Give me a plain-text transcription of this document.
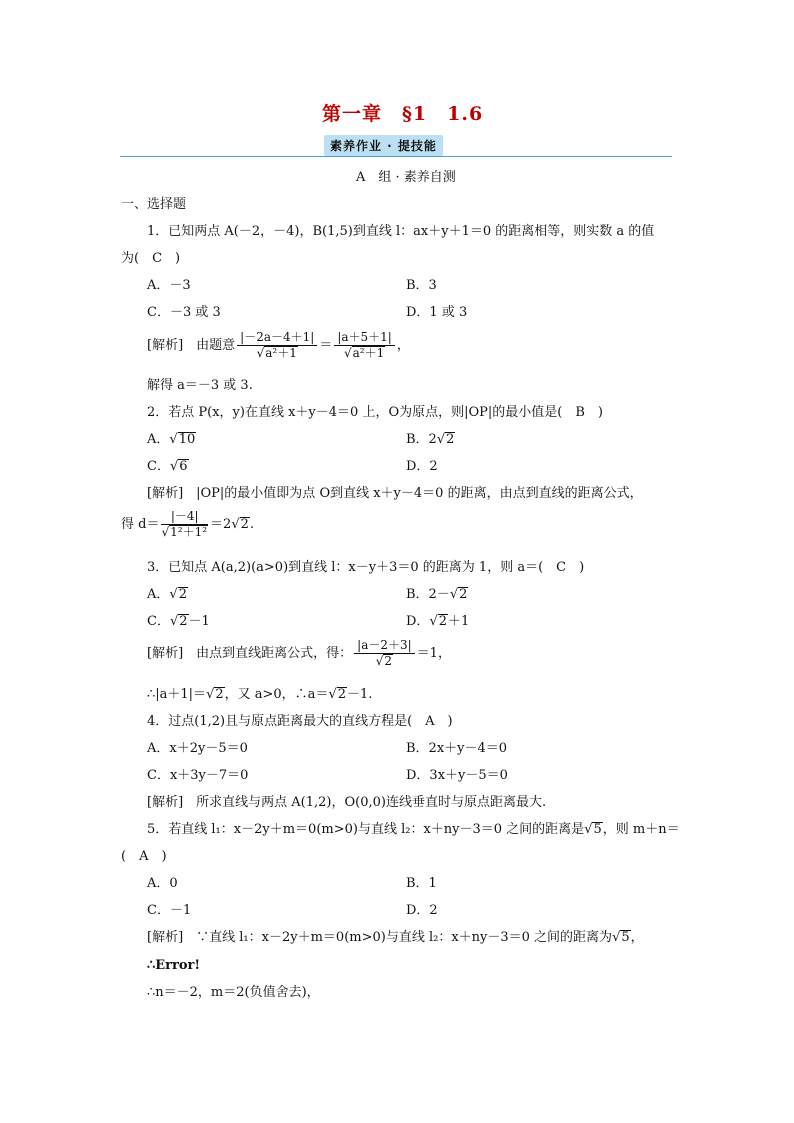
第一章　§1　1.6
素养作业 · 提技能
A　组 · 素养自测
一、选择题
1．已知两点 A(－2，－4)，B(1,5)到直线 l：ax＋y＋1＝0 的距离相等，则实数 a 的值
为(　C　)
A．－3	B．3
C．－3 或 3	D．1 或 3
[解析]　由题意 $\frac{|-2a-4+1|}{\text{√a²＋1}} = \frac{|a+5+1|}{\text{√a²＋1}}$ ，
解得 a＝－3 或 3.
2．若点 P(x，y)在直线 x＋y－4＝0 上，O为原点，则|OP|的最小值是(　B　)
A．√10	B．2√2
C．√6	D．2
[解析]　|OP|的最小值即为点 O到直线 x＋y－4＝0 的距离，由点到直线的距离公式，
得 $d= \frac{|-4|}{\text{√1²＋1²}} =2√2$.
3．已知点 A(a,2)(a>0)到直线 l：x－y＋3＝0 的距离为 1，则 a＝(　C　)
A．√2	B．2－√2
C．√2－1	D．√2＋1
[解析]　由点到直线距离公式，得： $\frac{|a-2+3|}{√2} =1$，
∴|a＋1|＝√2，又 a>0，∴a＝√2－1.
4．过点(1,2)且与原点距离最大的直线方程是(　A　)
A．x＋2y－5＝0	B．2x＋y－4＝0
C．x＋3y－7＝0	D．3x＋y－5＝0
[解析]　所求直线与两点 A(1,2)，O(0,0)连线垂直时与原点距离最大.
5．若直线 l₁：x－2y＋m＝0(m>0)与直线 l₂：x＋ny－3＝0 之间的距离是√5，则 m＋n＝
(　A　)
A．0	B．1
C．－1	D．2
[解析]　∵直线 l₁：x－2y＋m＝0(m>0)与直线 l₂：x＋ny－3＝0 之间的距离为√5，
∴Error!
∴n＝－2，m＝2(负值舍去)，
